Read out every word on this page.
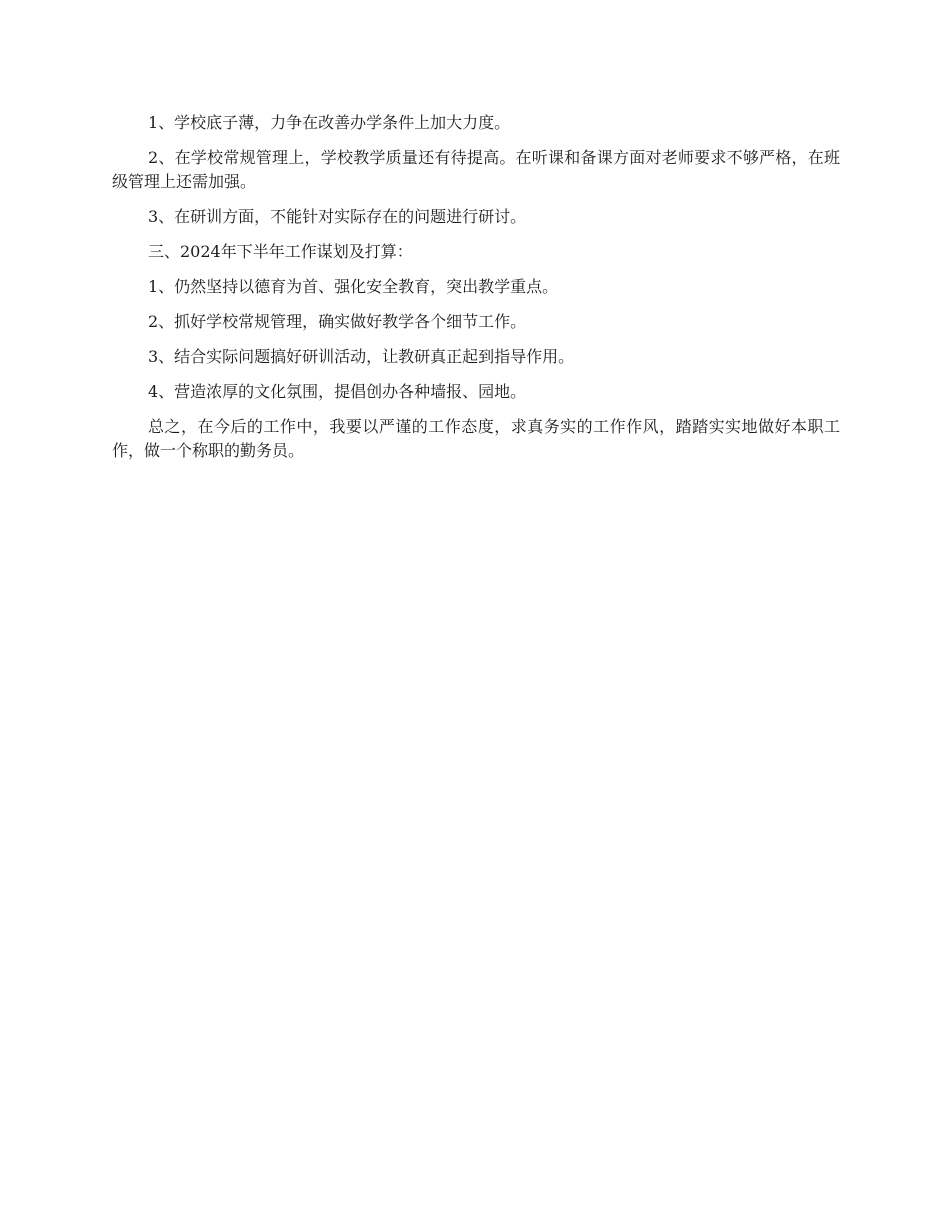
1、学校底子薄，力争在改善办学条件上加大力度。

2、在学校常规管理上，学校教学质量还有待提高。在听课和备课方面对老师要求不够严格，在班级管理上还需加强。

3、在研训方面，不能针对实际存在的问题进行研讨。

三、2024年下半年工作谋划及打算：

1、仍然坚持以德育为首、强化安全教育，突出教学重点。

2、抓好学校常规管理，确实做好教学各个细节工作。

3、结合实际问题搞好研训活动，让教研真正起到指导作用。

4、营造浓厚的文化氛围，提倡创办各种墙报、园地。

总之，在今后的工作中，我要以严谨的工作态度，求真务实的工作作风，踏踏实实地做好本职工作，做一个称职的勤务员。
